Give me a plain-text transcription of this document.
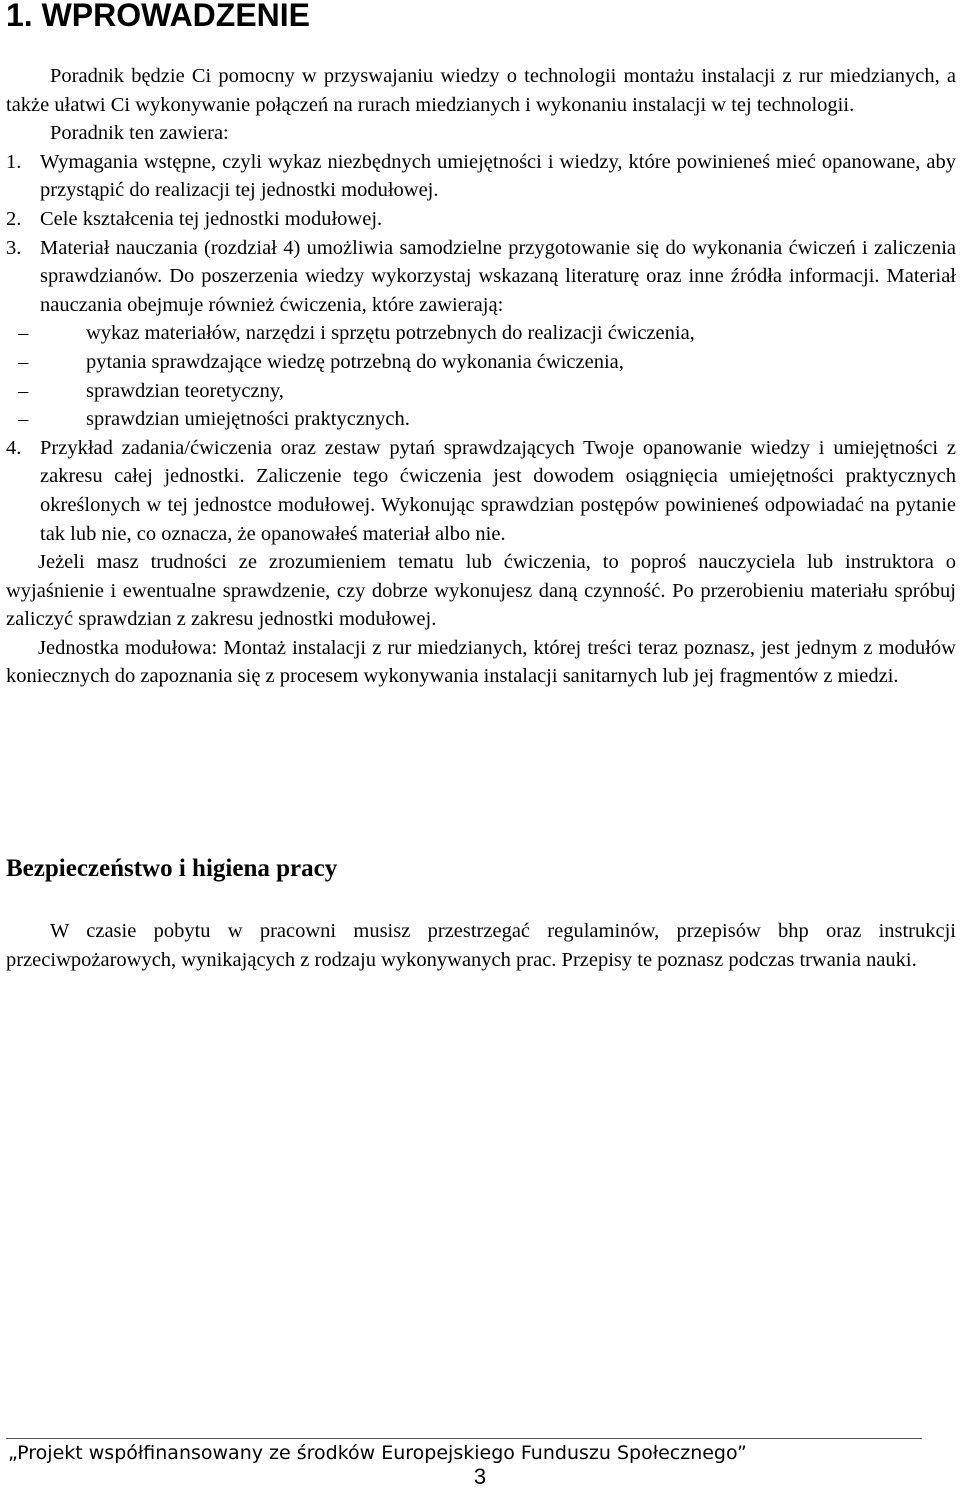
1. WPROWADZENIE

Poradnik będzie Ci pomocny w przyswajaniu wiedzy o technologii montażu instalacji z rur miedzianych, a także ułatwi Ci wykonywanie połączeń na rurach miedzianych i wykonaniu instalacji w tej technologii.

Poradnik ten zawiera:

1. Wymagania wstępne, czyli wykaz niezbędnych umiejętności i wiedzy, które powinieneś mieć opanowane, aby przystąpić do realizacji tej jednostki modułowej.
2. Cele kształcenia tej jednostki modułowej.
3. Materiał nauczania (rozdział 4) umożliwia samodzielne przygotowanie się do wykonania ćwiczeń i zaliczenia sprawdzianów. Do poszerzenia wiedzy wykorzystaj wskazaną literaturę oraz inne źródła informacji. Materiał nauczania obejmuje również ćwiczenia, które zawierają:
–	wykaz materiałów, narzędzi i sprzętu potrzebnych do realizacji ćwiczenia,
–	pytania sprawdzające wiedzę potrzebną do wykonania ćwiczenia,
–	sprawdzian teoretyczny,
–	sprawdzian umiejętności praktycznych.
4. Przykład zadania/ćwiczenia oraz zestaw pytań sprawdzających Twoje opanowanie wiedzy i umiejętności z zakresu całej jednostki. Zaliczenie tego ćwiczenia jest dowodem osiągnięcia umiejętności praktycznych określonych w tej jednostce modułowej. Wykonując sprawdzian postępów powinieneś odpowiadać na pytanie tak lub nie, co oznacza, że opanowałeś materiał albo nie.

Jeżeli masz trudności ze zrozumieniem tematu lub ćwiczenia, to poproś nauczyciela lub instruktora o wyjaśnienie i ewentualne sprawdzenie, czy dobrze wykonujesz daną czynność. Po przerobieniu materiału spróbuj zaliczyć sprawdzian z zakresu jednostki modułowej.

Jednostka modułowa: Montaż instalacji z rur miedzianych, której treści teraz poznasz, jest jednym z modułów koniecznych do zapoznania się z procesem wykonywania instalacji sanitarnych lub jej fragmentów z miedzi.

Bezpieczeństwo i higiena pracy

W czasie pobytu w pracowni musisz przestrzegać regulaminów, przepisów bhp oraz instrukcji przeciwpożarowych, wynikających z rodzaju wykonywanych prac. Przepisy te poznasz podczas trwania nauki.

„Projekt współfinansowany ze środków Europejskiego Funduszu Społecznego”
3
